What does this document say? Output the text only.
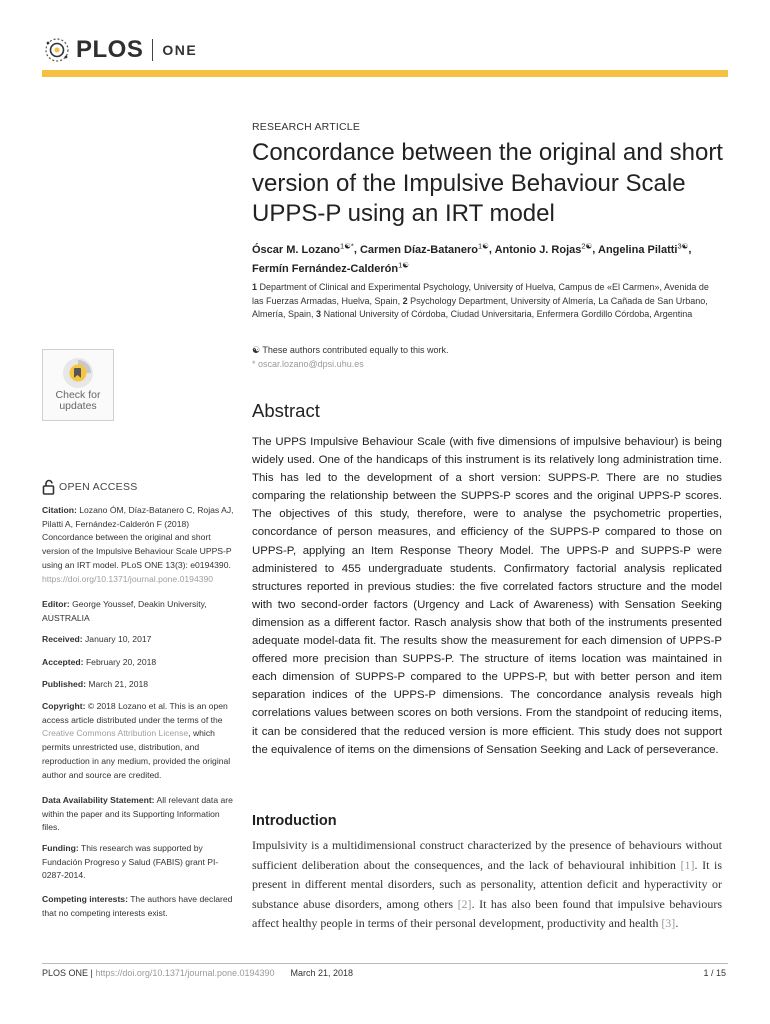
PLOS ONE
RESEARCH ARTICLE
Concordance between the original and short version of the Impulsive Behaviour Scale UPPS-P using an IRT model
Óscar M. Lozano$^{1☯*}$, Carmen Díaz-Batanero$^{1☯}$, Antonio J. Rojas$^{2☯}$, Angelina Pilatti$^{3☯}$, Fermín Fernández-Calderón$^{1☯}$
1 Department of Clinical and Experimental Psychology, University of Huelva, Campus de «El Carmen», Avenida de las Fuerzas Armadas, Huelva, Spain, 2 Psychology Department, University of Almería, La Cañada de San Urbano, Almería, Spain, 3 National University of Córdoba, Ciudad Universitaria, Enfermera Gordillo Córdoba, Argentina
☯ These authors contributed equally to this work.
* oscar.lozano@dpsi.uhu.es
Check for
updates
OPEN ACCESS
Citation: Lozano ÓM, Díaz-Batanero C, Rojas AJ, Pilatti A, Fernández-Calderón F (2018) Concordance between the original and short version of the Impulsive Behaviour Scale UPPS-P using an IRT model. PLoS ONE 13(3): e0194390. https://doi.org/10.1371/journal.pone.0194390
Editor: George Youssef, Deakin University, AUSTRALIA
Received: January 10, 2017
Accepted: February 20, 2018
Published: March 21, 2018
Copyright: © 2018 Lozano et al. This is an open access article distributed under the terms of the Creative Commons Attribution License, which permits unrestricted use, distribution, and reproduction in any medium, provided the original author and source are credited.
Data Availability Statement: All relevant data are within the paper and its Supporting Information files.
Funding: This research was supported by Fundación Progreso y Salud (FABIS) grant PI-0287-2014.
Competing interests: The authors have declared that no competing interests exist.
Abstract
The UPPS Impulsive Behaviour Scale (with five dimensions of impulsive behaviour) is being widely used. One of the handicaps of this instrument is its relatively long administration time. This has led to the development of a short version: SUPPS-P. There are no studies comparing the relationship between the SUPPS-P scores and the original UPPS-P scores. The objectives of this study, therefore, were to analyse the psychometric properties, concordance of person measures, and efficiency of the SUPPS-P compared to those on UPPS-P, applying an Item Response Theory Model. The UPPS-P and SUPPS-P were administered to 455 undergraduate students. Confirmatory factorial analysis replicated structures reported in previous studies: the five correlated factors structure and the model with two second-order factors (Urgency and Lack of Awareness) with Sensation Seeking dimension as a different factor. Rasch analysis show that both of the instruments presented adequate model-data fit. The results show the measurement for each dimension of UPPS-P offered more precision than SUPPS-P. The structure of items location was maintained in each dimension of SUPPS-P compared to the UPPS-P, but with better person and item separation indices of the UPPS-P dimensions. The concordance analysis reveals high correlations values between scores on both versions. From the standpoint of reducing items, it can be considered that the reduced version is more efficient. This study does not support the equivalence of items on the dimensions of Sensation Seeking and Lack of perseverance.
Introduction
Impulsivity is a multidimensional construct characterized by the presence of behaviours without sufficient deliberation about the consequences, and the lack of behavioural inhibition [1]. It is present in different mental disorders, such as personality, attention deficit and hyperactivity or substance abuse disorders, among others [2]. It has also been found that impulsive behaviours affect healthy people in terms of their personal development, productivity and health [3].
PLOS ONE | https://doi.org/10.1371/journal.pone.0194390 March 21, 2018	1 / 15
